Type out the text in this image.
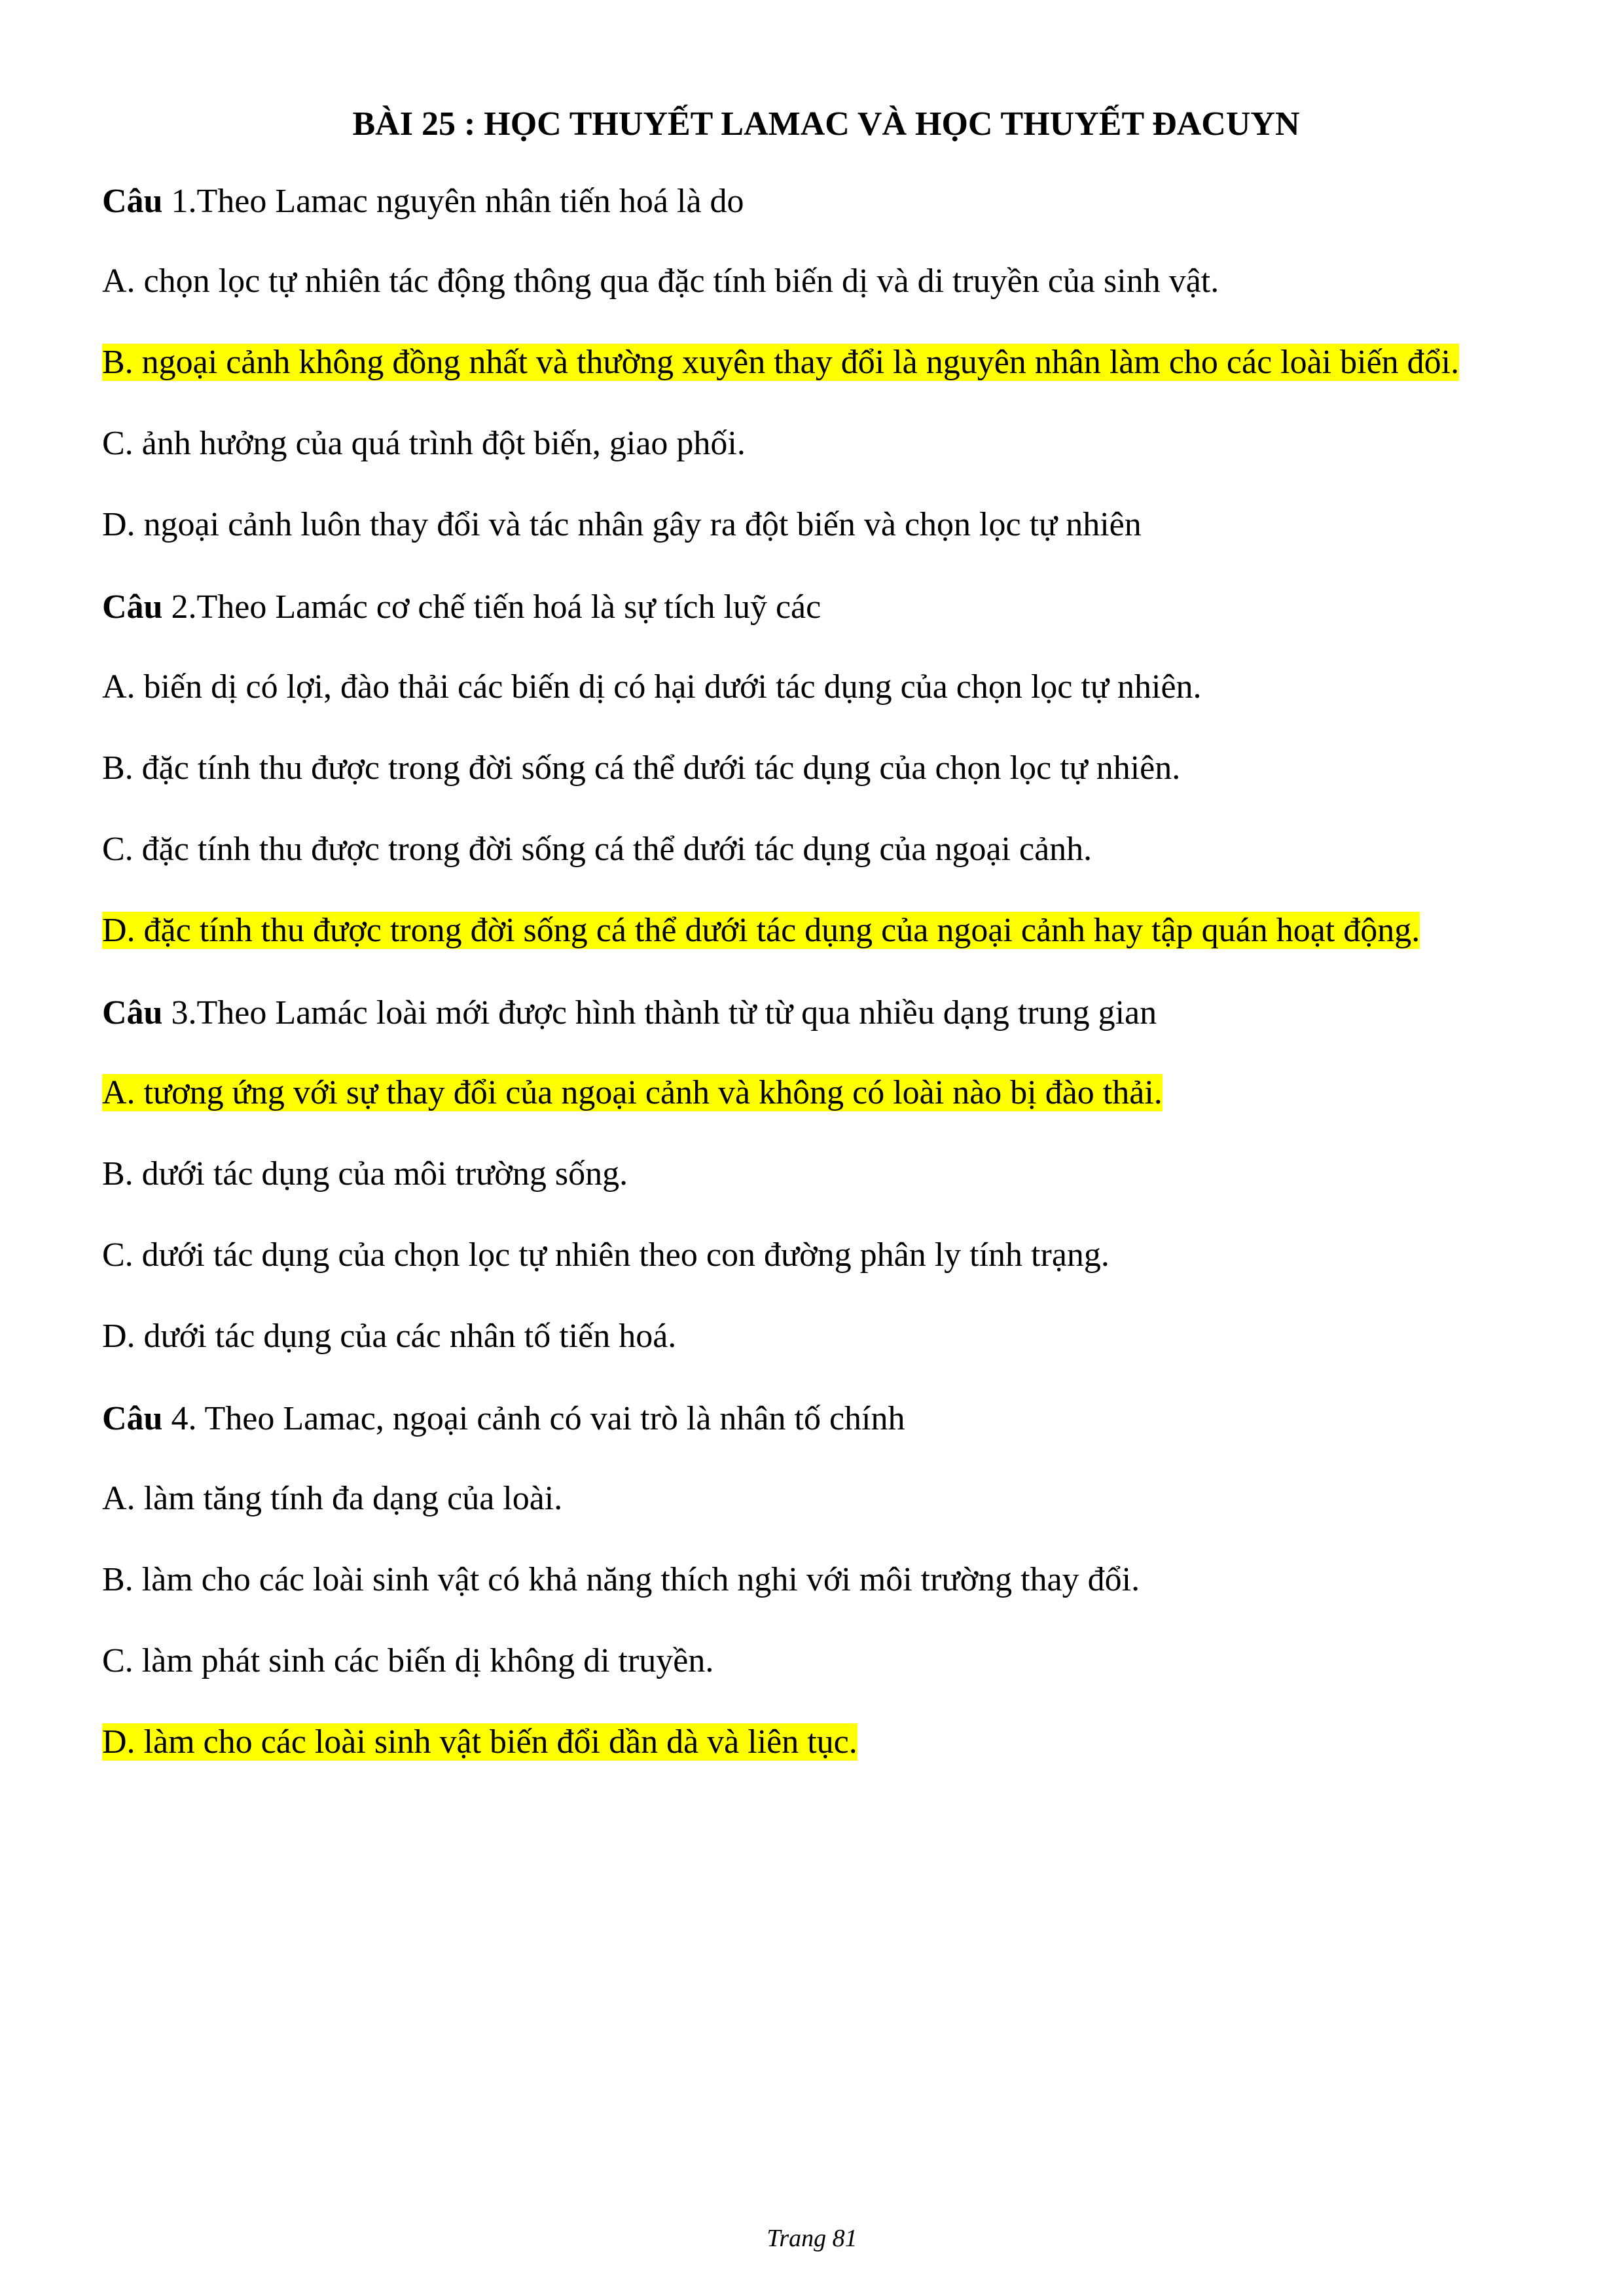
BÀI 25 : HỌC THUYẾT LAMAC VÀ HỌC THUYẾT ĐACUYN
Câu 1.Theo Lamac nguyên nhân tiến hoá là do
A. chọn lọc tự nhiên tác động thông qua đặc tính biến dị và di truyền của sinh vật.
B. ngoại cảnh không đồng nhất và thường xuyên thay đổi là nguyên nhân làm cho các loài biến đổi.
C. ảnh hưởng của quá trình đột biến, giao phối.
D. ngoại cảnh luôn thay đổi và tác nhân gây ra đột biến và chọn lọc tự nhiên
Câu 2.Theo Lamác cơ chế tiến hoá là sự tích luỹ các
A. biến dị có lợi, đào thải các biến dị có hại dưới tác dụng của chọn lọc tự nhiên.
B. đặc tính thu được trong đời sống cá thể dưới tác dụng của chọn lọc tự nhiên.
C. đặc tính thu được trong đời sống cá thể dưới tác dụng của ngoại cảnh.
D. đặc tính thu được trong đời sống cá thể dưới tác dụng của ngoại cảnh hay tập quán hoạt động.
Câu 3.Theo Lamác loài mới được hình thành từ từ qua nhiều dạng trung gian
A. tương ứng với sự thay đổi của ngoại cảnh và không có loài nào bị đào thải.
B. dưới tác dụng của môi trường sống.
C. dưới tác dụng của chọn lọc tự nhiên theo con đường phân ly tính trạng.
D. dưới tác dụng của các nhân tố tiến hoá.
Câu 4. Theo Lamac, ngoại cảnh có vai trò là nhân tố chính
A. làm tăng tính đa dạng của loài.
B. làm cho các loài sinh vật có khả năng thích nghi với môi trường thay đổi.
C. làm phát sinh các biến dị không di truyền.
D. làm cho các loài sinh vật biến đổi dần dà và liên tục.
Trang 81
